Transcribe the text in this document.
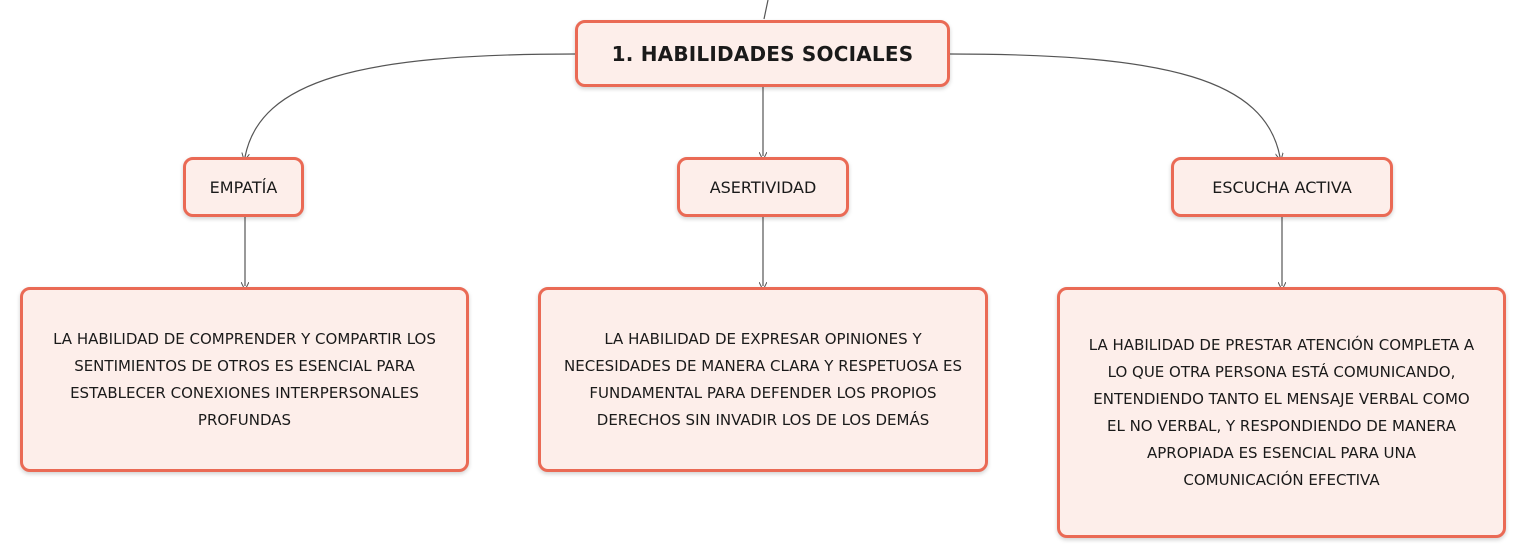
1. HABILIDADES SOCIALES
EMPATÍA	ASERTIVIDAD	ESCUCHA ACTIVA
LA HABILIDAD DE COMPRENDER Y COMPARTIR LOS
SENTIMIENTOS DE OTROS ES ESENCIAL PARA
ESTABLECER CONEXIONES INTERPERSONALES
PROFUNDAS
LA HABILIDAD DE EXPRESAR OPINIONES Y
NECESIDADES DE MANERA CLARA Y RESPETUOSA ES
FUNDAMENTAL PARA DEFENDER LOS PROPIOS
DERECHOS SIN INVADIR LOS DE LOS DEMÁS
LA HABILIDAD DE PRESTAR ATENCIÓN COMPLETA A
LO QUE OTRA PERSONA ESTÁ COMUNICANDO,
ENTENDIENDO TANTO EL MENSAJE VERBAL COMO
EL NO VERBAL, Y RESPONDIENDO DE MANERA
APROPIADA ES ESENCIAL PARA UNA
COMUNICACIÓN EFECTIVA
